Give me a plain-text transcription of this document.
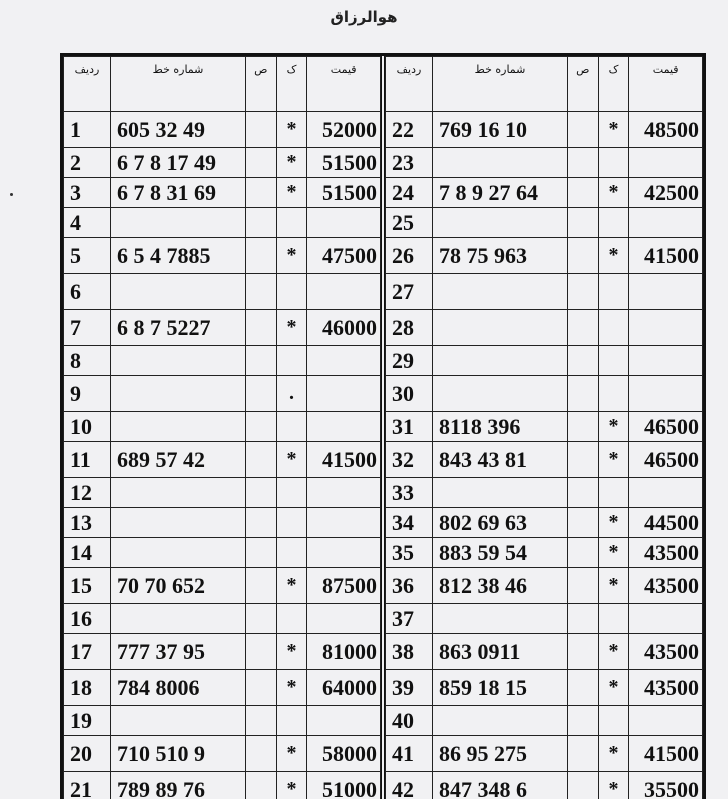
هوالرزاق
ردیف	شماره خط	ص	ک	قیمت
1	605 32 49		*	52000
2	6 7 8 17 49		*	51500
3	6 7 8 31 69		*	51500
4				
5	6 5 4 7885		*	47500
6				
7	6 8 7 5227		*	46000
8				
9			.	
10				
11	689 57 42		*	41500
12				
13				
14				
15	70 70 652		*	87500
16				
17	777 37 95		*	81000
18	784 8006		*	64000
19				
20	710 510 9		*	58000
21	789 89 76		*	51000
ردیف	شماره خط	ص	ک	قیمت
22	769 16 10		*	48500
23				
24	7 8 9 27 64		*	42500
25				
26	78 75 963		*	41500
27				
28				
29				
30				
31	8118 396		*	46500
32	843 43 81		*	46500
33				
34	802 69 63		*	44500
35	883 59 54		*	43500
36	812 38 46		*	43500
37				
38	863 0911		*	43500
39	859 18 15		*	43500
40				
41	86 95 275		*	41500
42	847 348 6		*	35500
